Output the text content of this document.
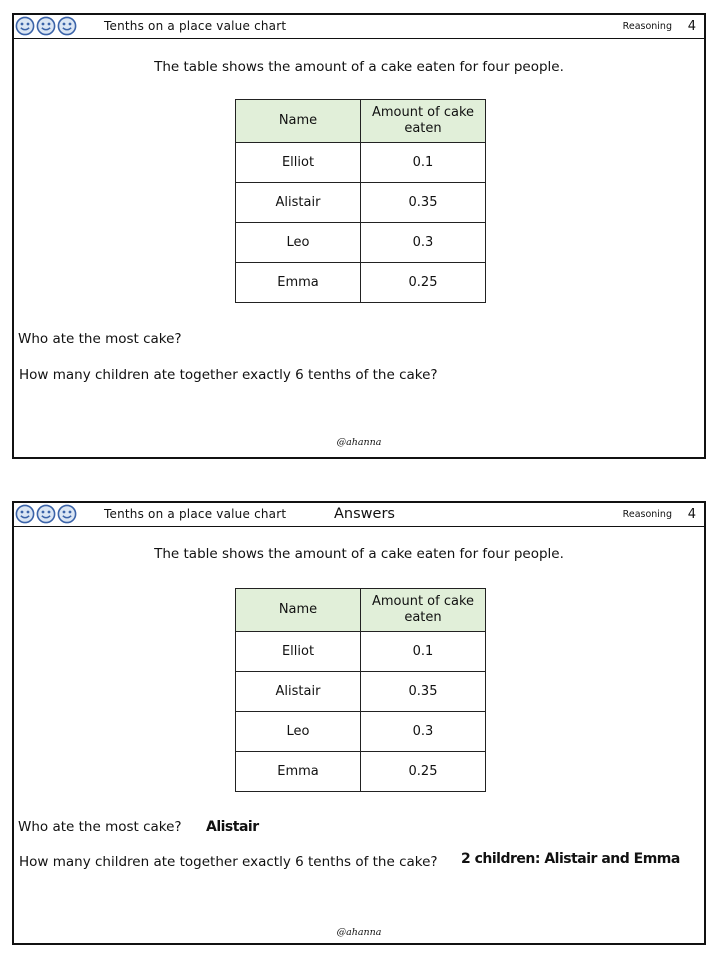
Tenths on a place value chart	Reasoning 4
The table shows the amount of a cake eaten for four people.
Name	Amount of cake eaten
Elliot	0.1
Alistair	0.35
Leo	0.3
Emma	0.25
Who ate the most cake?
How many children ate together exactly 6 tenths of the cake?
@ahanna
Tenths on a place value chart	Answers	Reasoning 4
The table shows the amount of a cake eaten for four people.
Name	Amount of cake eaten
Elliot	0.1
Alistair	0.35
Leo	0.3
Emma	0.25
Who ate the most cake? Alistair
How many children ate together exactly 6 tenths of the cake? 2 children: Alistair and Emma
@ahanna
